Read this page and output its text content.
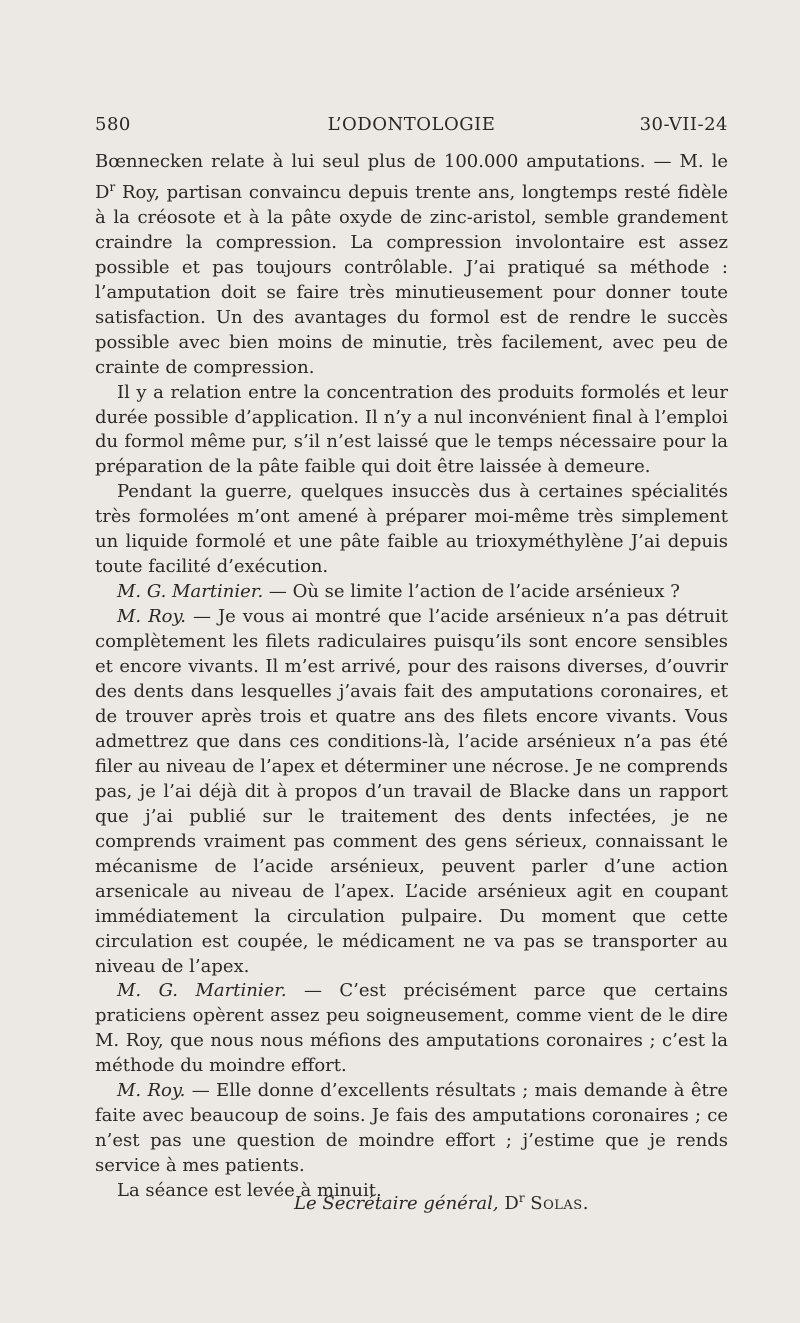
580	L’ODONTOLOGIE	30-VII-24

Bœnnecken relate à lui seul plus de 100.000 amputations. — M. le $D^r$ Roy, partisan convaincu depuis trente ans, longtemps resté fidèle à la créosote et à la pâte oxyde de zinc-aristol, semble grandement craindre la compression. La compression involontaire est assez possible et pas toujours contrôlable. J’ai pratiqué sa méthode : l’amputation doit se faire très minutieusement pour donner toute satisfaction. Un des avantages du formol est de rendre le succès possible avec bien moins de minutie, très facilement, avec peu de crainte de compression.

Il y a relation entre la concentration des produits formolés et leur durée possible d’application. Il n’y a nul inconvénient final à l’emploi du formol même pur, s’il n’est laissé que le temps nécessaire pour la préparation de la pâte faible qui doit être laissée à demeure.

Pendant la guerre, quelques insuccès dus à certaines spécialités très formolées m’ont amené à préparer moi-même très simplement un liquide formolé et une pâte faible au trioxyméthylène J’ai depuis toute facilité d’exécution.

M. G. Martinier. — Où se limite l’action de l’acide arsénieux ?

M. Roy. — Je vous ai montré que l’acide arsénieux n’a pas détruit complètement les filets radiculaires puisqu’ils sont encore sensibles et encore vivants. Il m’est arrivé, pour des raisons diverses, d’ouvrir des dents dans lesquelles j’avais fait des amputations coronaires, et de trouver après trois et quatre ans des filets encore vivants. Vous admettrez que dans ces conditions-là, l’acide arsénieux n’a pas été filer au niveau de l’apex et déterminer une nécrose. Je ne comprends pas, je l’ai déjà dit à propos d’un travail de Blacke dans un rapport que j’ai publié sur le traitement des dents infectées, je ne comprends vraiment pas comment des gens sérieux, connaissant le mécanisme de l’acide arsénieux, peuvent parler d’une action arsenicale au niveau de l’apex. L’acide arsénieux agit en coupant immédiatement la circulation pulpaire. Du moment que cette circulation est coupée, le médicament ne va pas se transporter au niveau de l’apex.

M. G. Martinier. — C’est précisément parce que certains praticiens opèrent assez peu soigneusement, comme vient de le dire M. Roy, que nous nous méfions des amputations coronaires ; c’est la méthode du moindre effort.

M. Roy. — Elle donne d’excellents résultats ; mais demande à être faite avec beaucoup de soins. Je fais des amputations coronaires ; ce n’est pas une question de moindre effort ; j’estime que je rends service à mes patients.

La séance est levée à minuit.

Le Secrétaire général, $D^r$ Solas.
